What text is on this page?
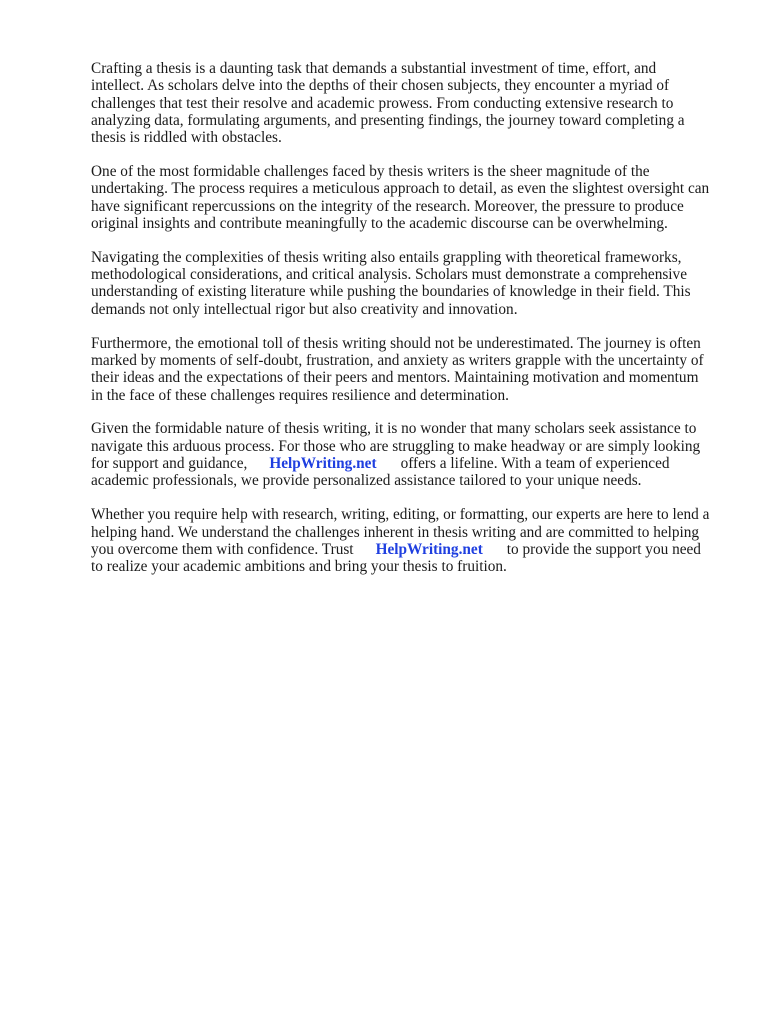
Crafting a thesis is a daunting task that demands a substantial investment of time, effort, and
intellect. As scholars delve into the depths of their chosen subjects, they encounter a myriad of
challenges that test their resolve and academic prowess. From conducting extensive research to
analyzing data, formulating arguments, and presenting findings, the journey toward completing a
thesis is riddled with obstacles.

One of the most formidable challenges faced by thesis writers is the sheer magnitude of the
undertaking. The process requires a meticulous approach to detail, as even the slightest oversight can
have significant repercussions on the integrity of the research. Moreover, the pressure to produce
original insights and contribute meaningfully to the academic discourse can be overwhelming.

Navigating the complexities of thesis writing also entails grappling with theoretical frameworks,
methodological considerations, and critical analysis. Scholars must demonstrate a comprehensive
understanding of existing literature while pushing the boundaries of knowledge in their field. This
demands not only intellectual rigor but also creativity and innovation.

Furthermore, the emotional toll of thesis writing should not be underestimated. The journey is often
marked by moments of self-doubt, frustration, and anxiety as writers grapple with the uncertainty of
their ideas and the expectations of their peers and mentors. Maintaining motivation and momentum
in the face of these challenges requires resilience and determination.

Given the formidable nature of thesis writing, it is no wonder that many scholars seek assistance to
navigate this arduous process. For those who are struggling to make headway or are simply looking
for support and guidance, HelpWriting.net offers a lifeline. With a team of experienced
academic professionals, we provide personalized assistance tailored to your unique needs.

Whether you require help with research, writing, editing, or formatting, our experts are here to lend a
helping hand. We understand the challenges inherent in thesis writing and are committed to helping
you overcome them with confidence. Trust HelpWriting.net to provide the support you need
to realize your academic ambitions and bring your thesis to fruition.
